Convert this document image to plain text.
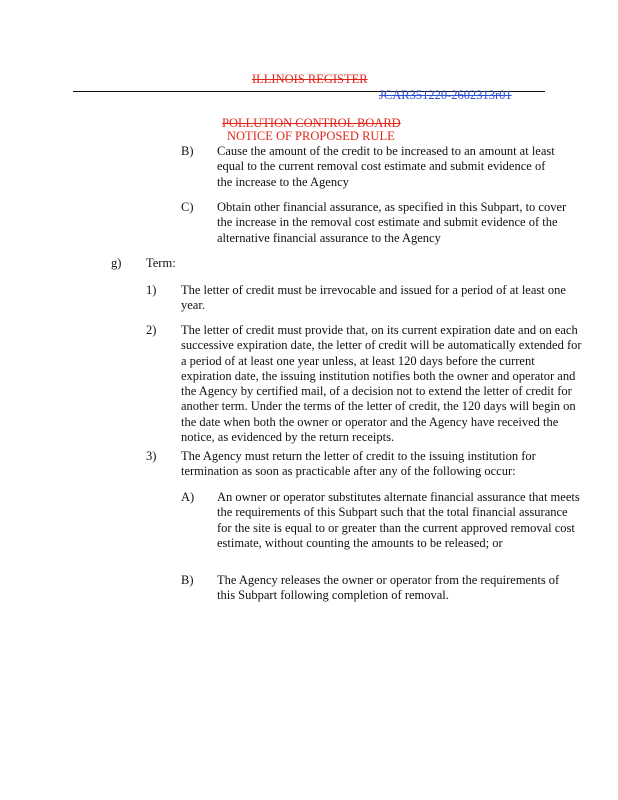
ILLINOIS REGISTER
JCAR351220-2602313r01
POLLUTION CONTROL BOARD
NOTICE OF PROPOSED RULE
B) Cause the amount of the credit to be increased to an amount at least equal to the current removal cost estimate and submit evidence of the increase to the Agency
C) Obtain other financial assurance, as specified in this Subpart, to cover the increase in the removal cost estimate and submit evidence of the alternative financial assurance to the Agency
g) Term:
1) The letter of credit must be irrevocable and issued for a period of at least one year.
2) The letter of credit must provide that, on its current expiration date and on each successive expiration date, the letter of credit will be automatically extended for a period of at least one year unless, at least 120 days before the current expiration date, the issuing institution notifies both the owner and operator and the Agency by certified mail, of a decision not to extend the letter of credit for another term. Under the terms of the letter of credit, the 120 days will begin on the date when both the owner or operator and the Agency have received the notice, as evidenced by the return receipts.
3) The Agency must return the letter of credit to the issuing institution for termination as soon as practicable after any of the following occur:
A) An owner or operator substitutes alternate financial assurance that meets the requirements of this Subpart such that the total financial assurance for the site is equal to or greater than the current approved removal cost estimate, without counting the amounts to be released; or
B) The Agency releases the owner or operator from the requirements of this Subpart following completion of removal.
